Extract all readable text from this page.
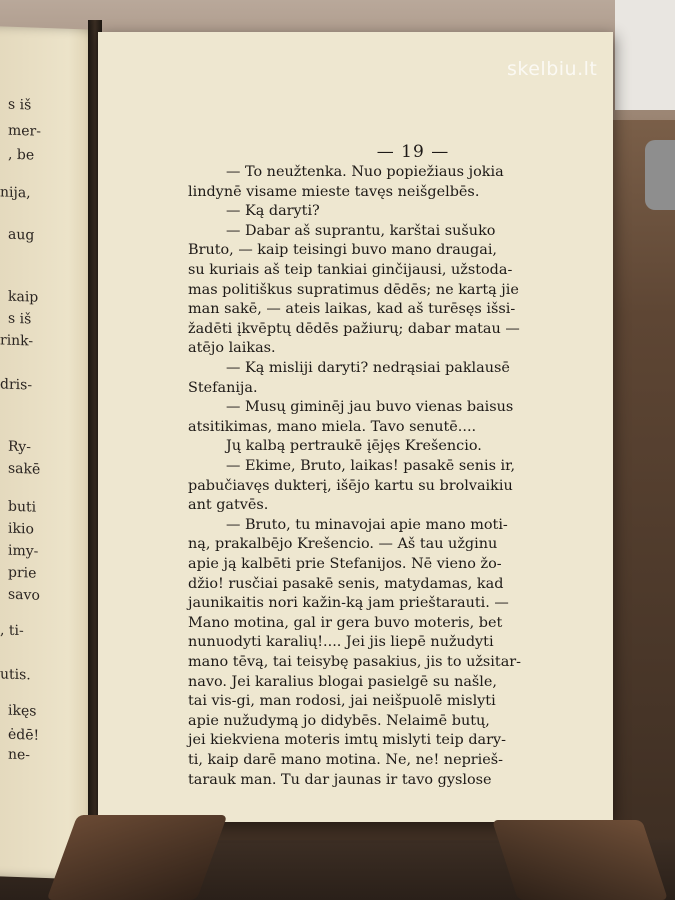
s iš
mer-
, be
nija,
aug
kaip
s iš
rink-
dris-
Ry-
sakē
buti
ikio
imy-
prie
savo
, ti-
utis.
ikęs
ėdē!
ne-
— 19 —
— To neužtenka. Nuo popiežiaus jokia
lindynē visame mieste tavęs neišgelbēs.
— Ką daryti?
— Dabar aš suprantu, karštai sušuko
Bruto, — kaip teisingi buvo mano draugai,
su kuriais aš teip tankiai ginčijausi, užstoda-
mas politiškus supratimus dēdēs; ne kartą jie
man sakē, — ateis laikas, kad aš turēsęs išsi-
žadēti įkvēptų dēdēs pažiurų; dabar matau —
atējo laikas.
— Ką misliji daryti? nedrąsiai paklausē
Stefanija.
— Musų giminēj jau buvo vienas baisus
atsitikimas, mano miela. Tavo senutē....
Jų kalbą pertraukē įējęs Krešencio.
— Ekime, Bruto, laikas! pasakē senis ir,
pabučiavęs dukterį, išējo kartu su brolvaikiu
ant gatvēs.
— Bruto, tu minavojai apie mano moti-
ną, prakalbējo Krešencio. — Aš tau užginu
apie ją kalbēti prie Stefanijos. Nē vieno žo-
džio! rusčiai pasakē senis, matydamas, kad
jaunikaitis nori kažin-ką jam prieštarauti. —
Mano motina, gal ir gera buvo moteris, bet
nunuodyti karalių!.... Jei jis liepē nužudyti
mano tēvą, tai teisybę pasakius, jis to užsitar-
navo. Jei karalius blogai pasielgē su našle,
tai vis-gi, man rodosi, jai neišpuolē mislyti
apie nužudymą jo didybēs. Nelaimē butų,
jei kiekviena moteris imtų mislyti teip dary-
ti, kaip darē mano motina. Ne, ne! nepriеš-
tarauk man. Tu dar jaunas ir tavo gyslose
skelbiu.lt
